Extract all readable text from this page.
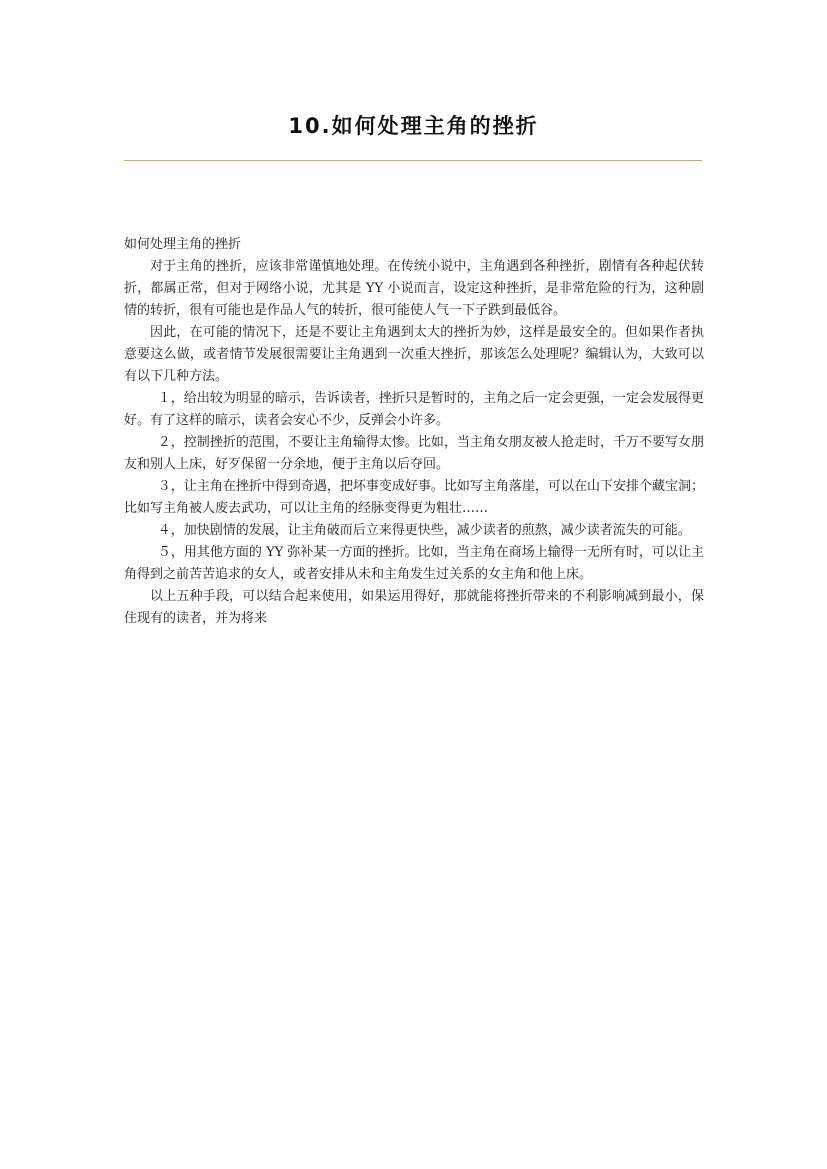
10.如何处理主角的挫折

如何处理主角的挫折

对于主角的挫折，应该非常谨慎地处理。在传统小说中，主角遇到各种挫折，剧情有各种起伏转折，都属正常，但对于网络小说，尤其是 YY 小说而言，设定这种挫折，是非常危险的行为，这种剧情的转折，很有可能也是作品人气的转折，很可能使人气一下子跌到最低谷。

因此，在可能的情况下，还是不要让主角遇到太大的挫折为妙，这样是最安全的。但如果作者执意要这么做，或者情节发展很需要让主角遇到一次重大挫折，那该怎么处理呢？编辑认为，大致可以有以下几种方法。

１，给出较为明显的暗示，告诉读者，挫折只是暂时的，主角之后一定会更强，一定会发展得更好。有了这样的暗示，读者会安心不少，反弹会小许多。

２，控制挫折的范围，不要让主角输得太惨。比如，当主角女朋友被人抢走时，千万不要写女朋友和别人上床，好歹保留一分余地，便于主角以后夺回。

３，让主角在挫折中得到奇遇，把坏事变成好事。比如写主角落崖，可以在山下安排个藏宝洞；比如写主角被人废去武功，可以让主角的经脉变得更为粗壮……

４，加快剧情的发展，让主角破而后立来得更快些，减少读者的煎熬，减少读者流失的可能。

５，用其他方面的 YY 弥补某一方面的挫折。比如，当主角在商场上输得一无所有时，可以让主角得到之前苦苦追求的女人，或者安排从未和主角发生过关系的女主角和他上床。

以上五种手段，可以结合起来使用，如果运用得好，那就能将挫折带来的不利影响减到最小，保住现有的读者，并为将来
